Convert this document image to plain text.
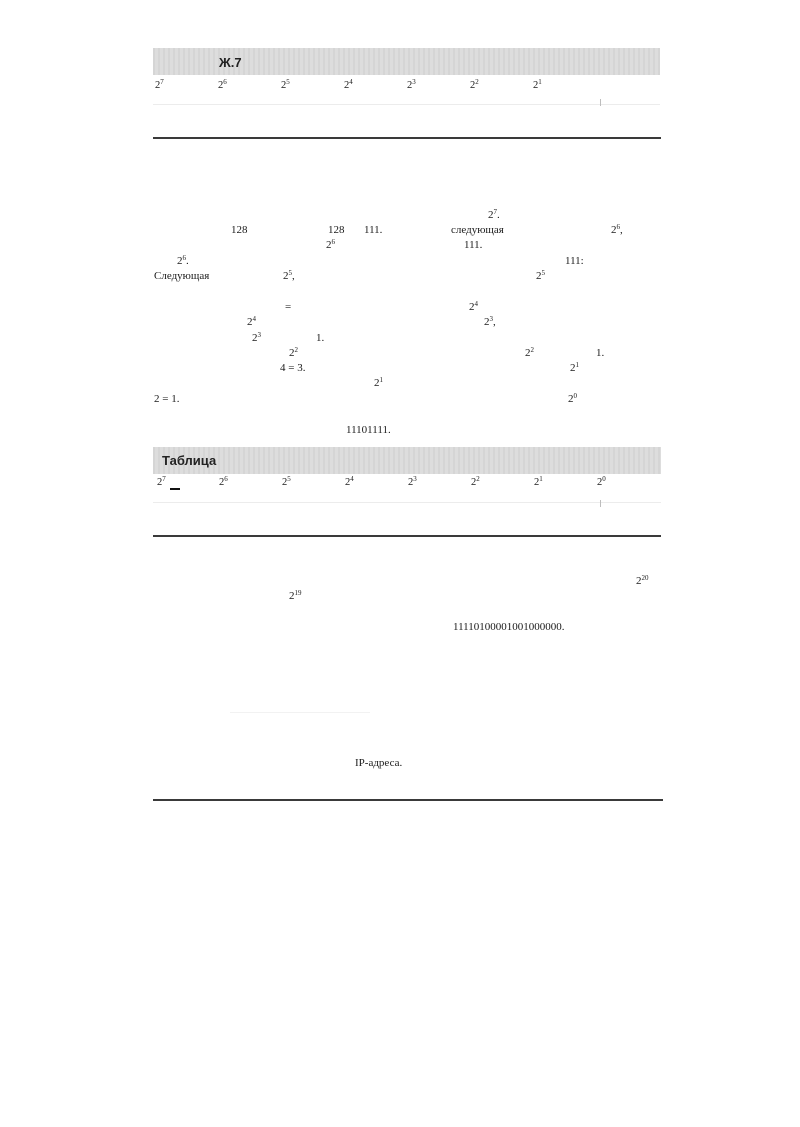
Ж.7
$2^7$	$2^6$	$2^5$	$2^4$	$2^3$	$2^2$	$2^1$
$2^7$.
128	128 111.	следующая	$2^6$,
$2^6$	111.
$2^6$.	111:
Следующая	$2^5$,	$2^5$
=	$2^4$
$2^4$	$2^3$,
$2^3$	1.
$2^2$	$2^2$	1.
4 = 3.	$2^1$
$2^1$
2 = 1.	$2^0$
11101111.
Таблица
$2^7$	$2^6$	$2^5$	$2^4$	$2^3$	$2^2$	$2^1$	$2^0$
$2^{20}$
$2^{19}$
11110100001001000000.
IP-адреса.
